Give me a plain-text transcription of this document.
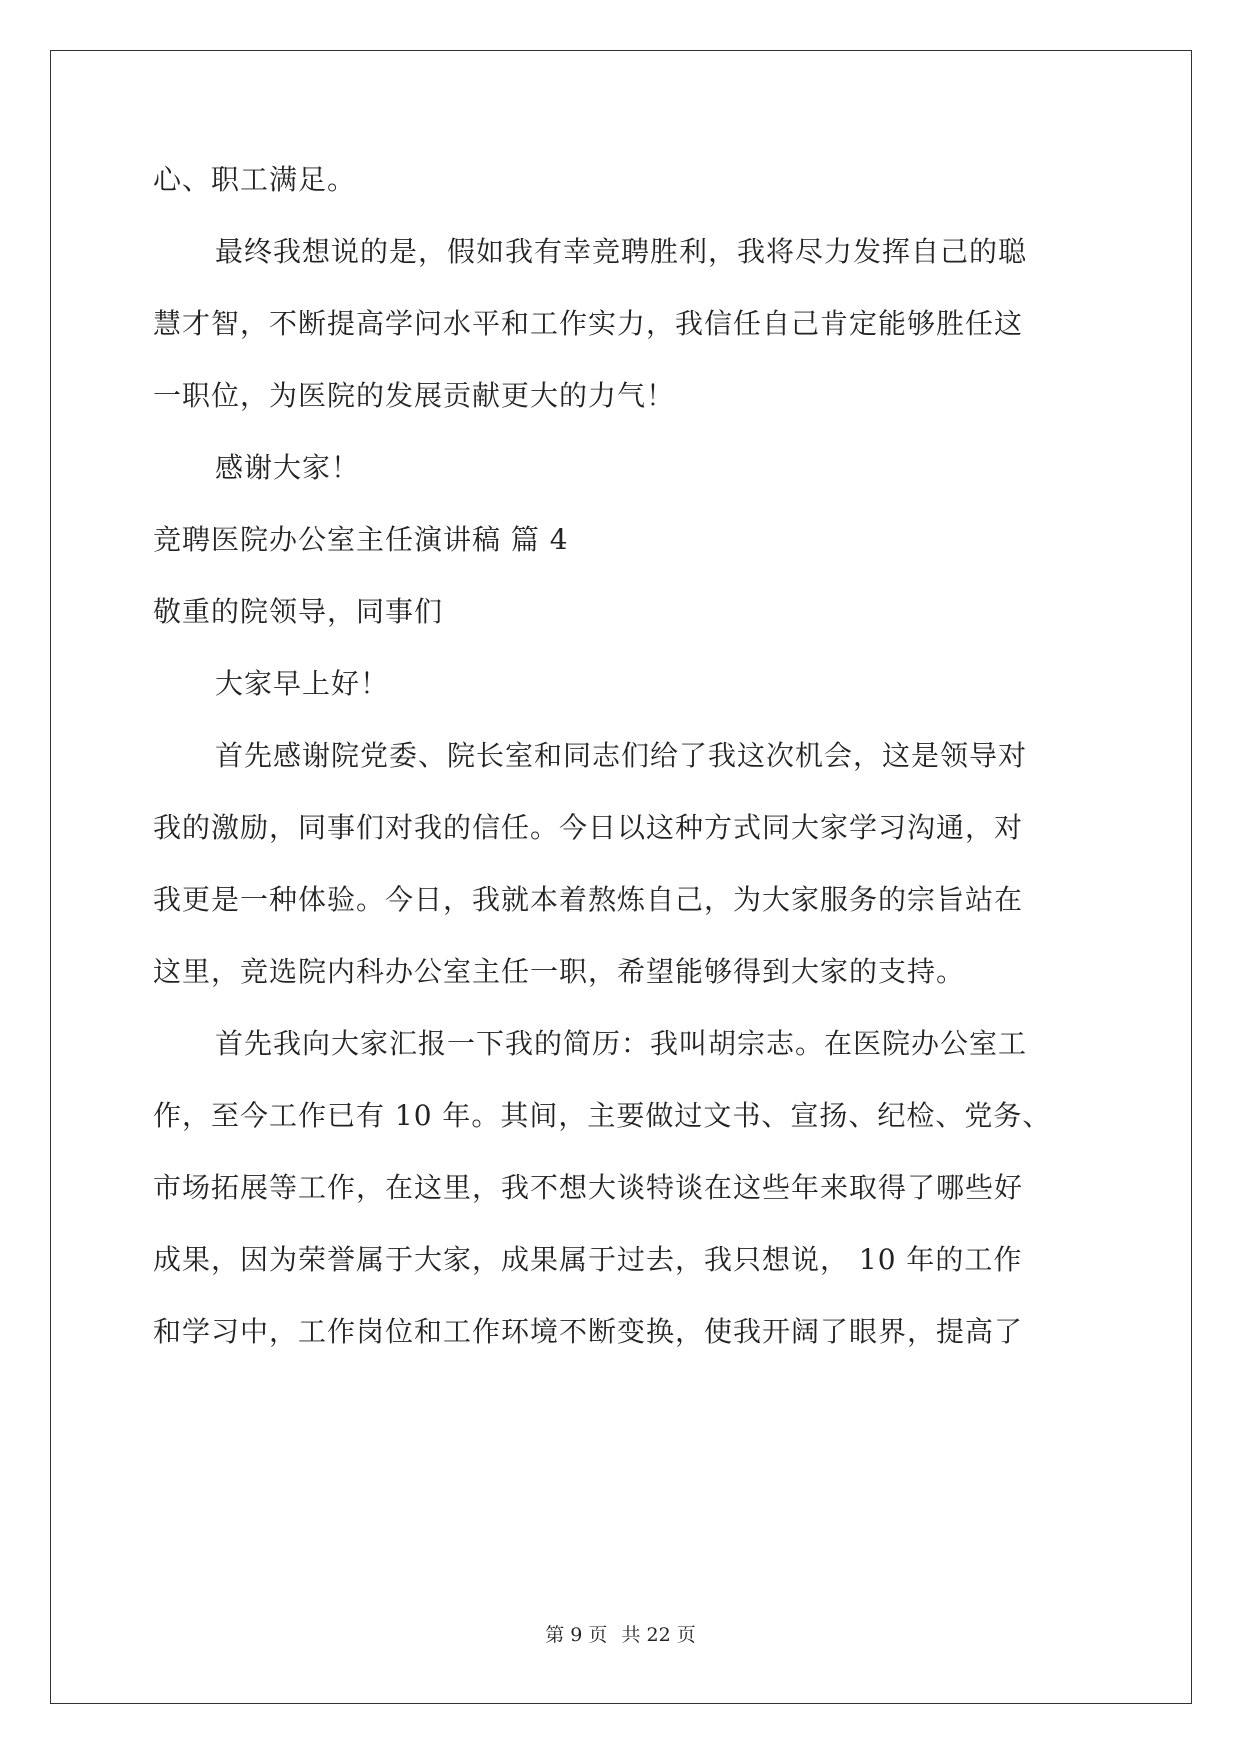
心、职工满足。
最终我想说的是，假如我有幸竞聘胜利，我将尽力发挥自己的聪
慧才智，不断提高学问水平和工作实力，我信任自己肯定能够胜任这
一职位，为医院的发展贡献更大的力气！
感谢大家！
竞聘医院办公室主任演讲稿 篇 4
敬重的院领导，同事们
大家早上好！
首先感谢院党委、院长室和同志们给了我这次机会，这是领导对
我的激励，同事们对我的信任。今日以这种方式同大家学习沟通，对
我更是一种体验。今日，我就本着熬炼自己，为大家服务的宗旨站在
这里，竞选院内科办公室主任一职，希望能够得到大家的支持。
首先我向大家汇报一下我的简历：我叫胡宗志。在医院办公室工
作，至今工作已有 10 年。其间，主要做过文书、宣扬、纪检、党务、
市场拓展等工作，在这里，我不想大谈特谈在这些年来取得了哪些好
成果，因为荣誉属于大家，成果属于过去，我只想说， 10 年的工作
和学习中，工作岗位和工作环境不断变换，使我开阔了眼界，提高了
第 9 页 共 22 页
